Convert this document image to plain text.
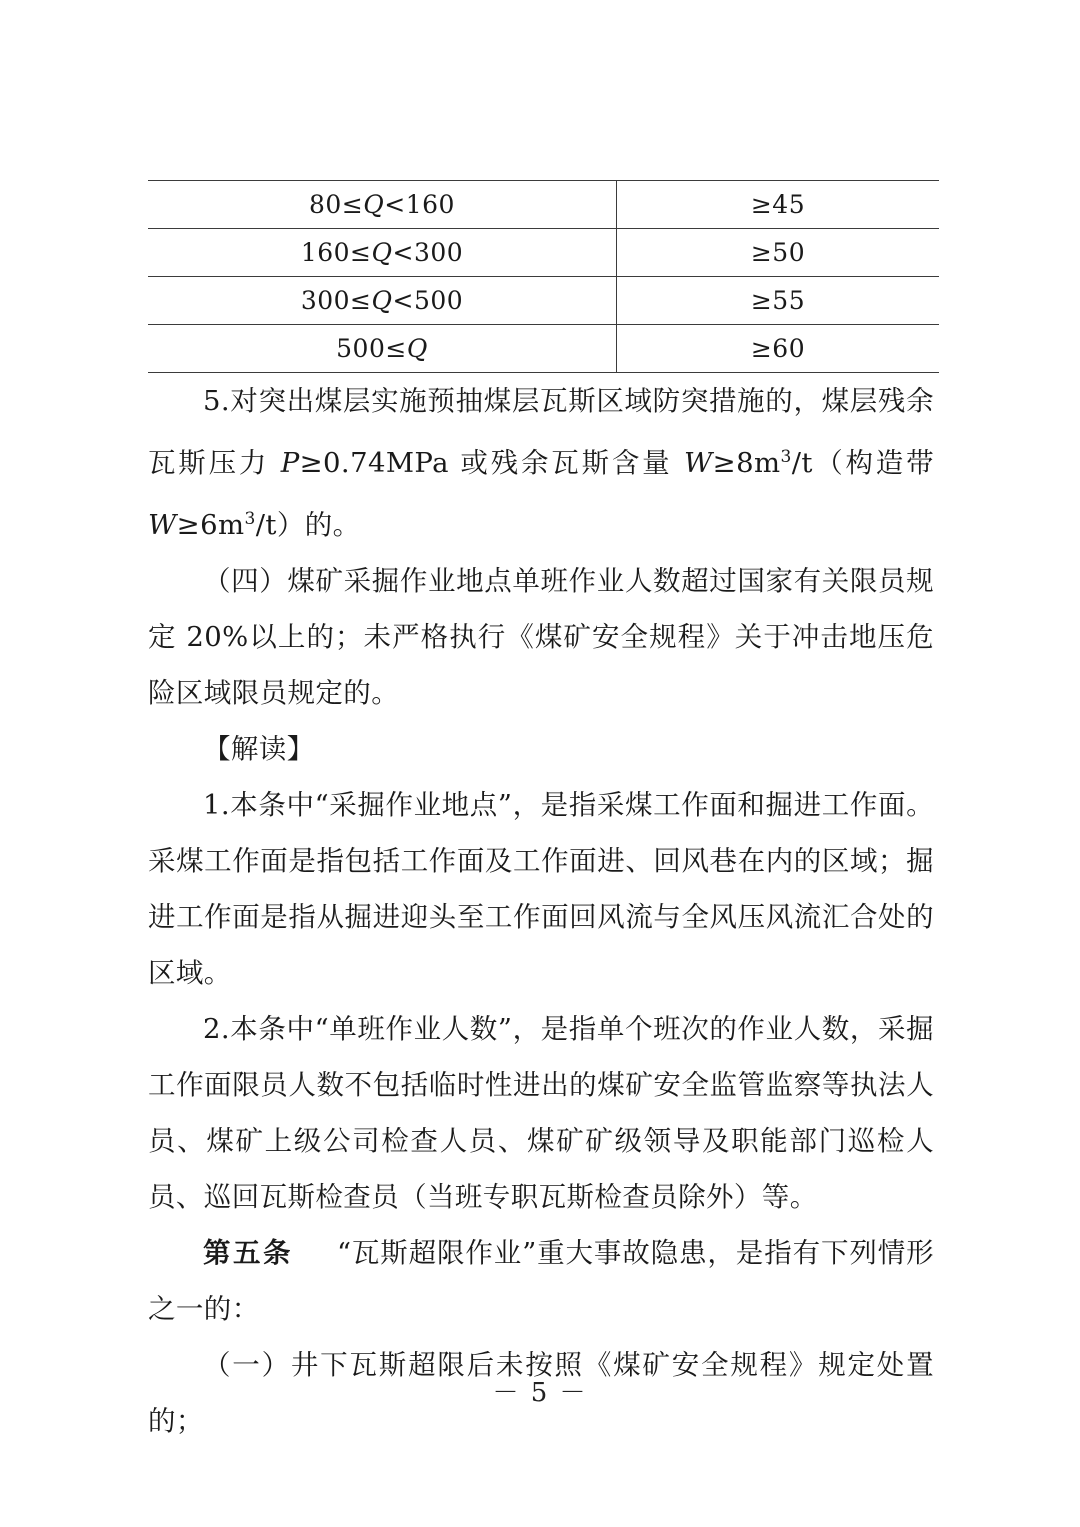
80≤Q<160	≥45
160≤Q<300	≥50
300≤Q<500	≥55
500≤Q	≥60

5.对突出煤层实施预抽煤层瓦斯区域防突措施的，煤层残余瓦斯压力 P≥0.74MPa 或残余瓦斯含量 $W\ge 8m^3/t$（构造带 $W\ge 6m^3/t$）的。

（四）煤矿采掘作业地点单班作业人数超过国家有关限员规定 20%以上的；未严格执行《煤矿安全规程》关于冲击地压危险区域限员规定的。

【解读】

1.本条中“采掘作业地点”，是指采煤工作面和掘进工作面。采煤工作面是指包括工作面及工作面进、回风巷在内的区域；掘进工作面是指从掘进迎头至工作面回风流与全风压风流汇合处的区域。

2.本条中“单班作业人数”，是指单个班次的作业人数，采掘工作面限员人数不包括临时性进出的煤矿安全监管监察等执法人员、煤矿上级公司检查人员、煤矿矿级领导及职能部门巡检人员、巡回瓦斯检查员（当班专职瓦斯检查员除外）等。

第五条 “瓦斯超限作业”重大事故隐患，是指有下列情形之一的：

（一）井下瓦斯超限后未按照《煤矿安全规程》规定处置的；

－ 5 －
